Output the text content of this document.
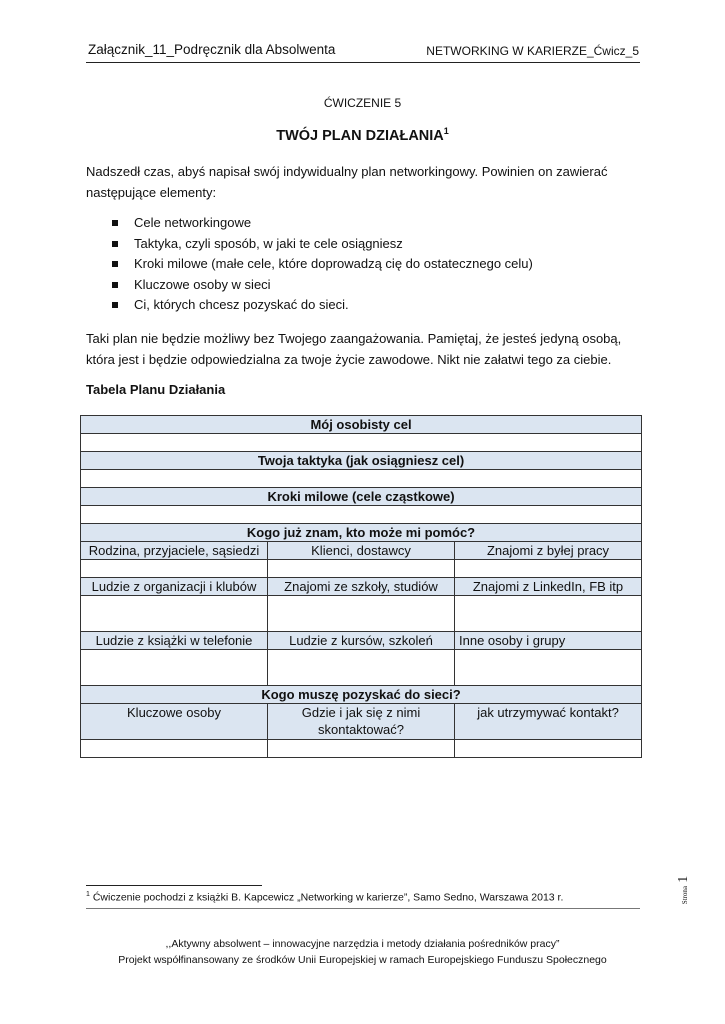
Załącznik_11_Podręcznik dla Absolwenta	NETWORKING W KARIERZE_Ćwicz_5
ĆWICZENIE 5
TWÓJ PLAN DZIAŁANIA$^1$
Nadszedł czas, abyś napisał swój indywidualny plan networkingowy. Powinien on zawierać
następujące elementy:
Cele networkingowe
Taktyka, czyli sposób, w jaki te cele osiągniesz
Kroki milowe (małe cele, które doprowadzą cię do ostatecznego celu)
Kluczowe osoby w sieci
Ci, których chcesz pozyskać do sieci.
Taki plan nie będzie możliwy bez Twojego zaangażowania. Pamiętaj, że jesteś jedyną osobą,
która jest i będzie odpowiedzialna za twoje życie zawodowe. Nikt nie załatwi tego za ciebie.
Tabela Planu Działania
Mój osobisty cel		

Twoja taktyka (jak osiągniesz cel)		

Kroki milowe (cele cząstkowe)		

Kogo już znam, kto może mi pomóc?		
Rodzina, przyjaciele, sąsiedzi	Klienci, dostawcy	Znajomi z byłej pracy

Ludzie z organizacji i klubów	Znajomi ze szkoły, studiów	Znajomi z LinkedIn, FB itp

Ludzie z książki w telefonie	Ludzie z kursów, szkoleń	Inne osoby i grupy

Kogo muszę pozyskać do sieci?		
Kluczowe osoby	Gdzie i jak się z nimi skontaktować?	jak utrzymywać kontakt?

$^1$ Ćwiczenie pochodzi z książki B. Kapcewicz „Networking w karierze”, Samo Sedno, Warszawa 2013 r.	Strona 1
,,Aktywny absolwent – innowacyjne narzędzia i metody działania pośredników pracy”
Projekt współfinansowany ze środków Unii Europejskiej w ramach Europejskiego Funduszu Społecznego
